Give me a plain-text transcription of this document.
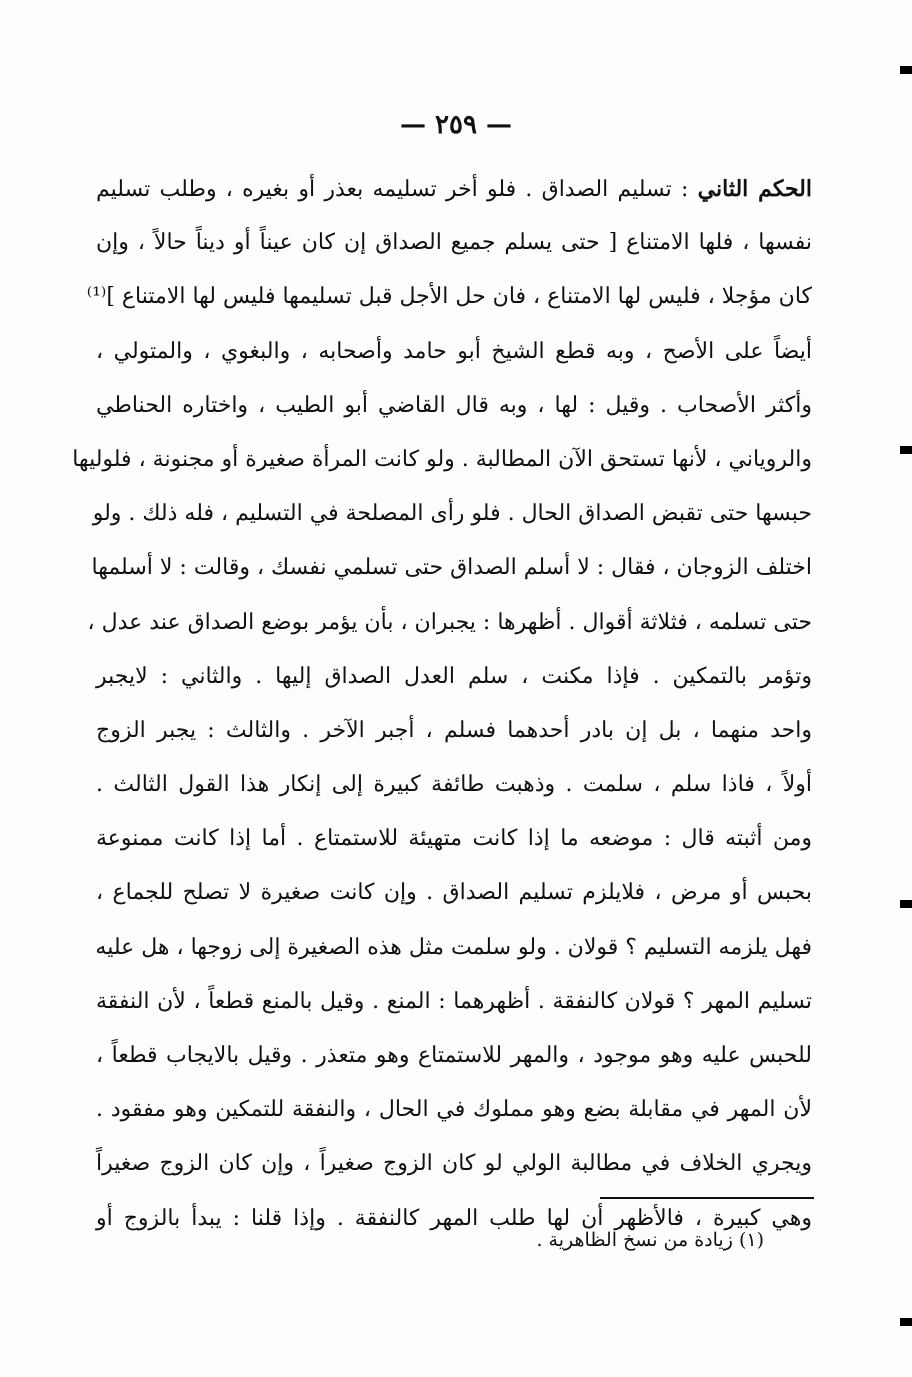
— ٢٥٩ —
الحكم الثاني : تسليم الصداق . فلو أخر تسليمه بعذر أو بغيره ، وطلب تسليم
نفسها ، فلها الامتناع [ حتى يسلم جميع الصداق إن كان عيناً أو ديناً حالاً ، وإن
كان مؤجلا ، فليس لها الامتناع ، فان حل الأجل قبل تسليمها فليس لها الامتناع ]⁽¹⁾
أيضاً على الأصح ، وبه قطع الشيخ أبو حامد وأصحابه ، والبغوي ، والمتولي ،
وأكثر الأصحاب . وقيل : لها ، وبه قال القاضي أبو الطيب ، واختاره الحناطي
والروياني ، لأنها تستحق الآن المطالبة . ولو كانت المرأة صغيرة أو مجنونة ، فلوليها
حبسها حتى تقبض الصداق الحال . فلو رأى المصلحة في التسليم ، فله ذلك . ولو
اختلف الزوجان ، فقال : لا أسلم الصداق حتى تسلمي نفسك ، وقالت : لا أسلمها
حتى تسلمه ، فثلاثة أقوال . أظهرها : يجبران ، بأن يؤمر بوضع الصداق عند عدل ،
وتؤمر بالتمكين . فإذا مكنت ، سلم العدل الصداق إليها . والثاني : لايجبر
واحد منهما ، بل إن بادر أحدهما فسلم ، أجبر الآخر . والثالث : يجبر الزوج
أولاً ، فاذا سلم ، سلمت . وذهبت طائفة كبيرة إلى إنكار هذا القول الثالث .
ومن أثبته قال : موضعه ما إذا كانت متهيئة للاستمتاع . أما إذا كانت ممنوعة
بحبس أو مرض ، فلايلزم تسليم الصداق . وإن كانت صغيرة لا تصلح للجماع ،
فهل يلزمه التسليم ؟ قولان . ولو سلمت مثل هذه الصغيرة إلى زوجها ، هل عليه
تسليم المهر ؟ قولان كالنفقة . أظهرهما : المنع . وقيل بالمنع قطعاً ، لأن النفقة
للحبس عليه وهو موجود ، والمهر للاستمتاع وهو متعذر . وقيل بالايجاب قطعاً ،
لأن المهر في مقابلة بضع وهو مملوك في الحال ، والنفقة للتمكين وهو مفقود .
ويجري الخلاف في مطالبة الولي لو كان الزوج صغيراً ، وإن كان الزوج صغيراً
وهي كبيرة ، فالأظهر أن لها طلب المهر كالنفقة . وإذا قلنا : يبدأ بالزوج أو
(١) زيادة من نسخ الظاهرية .
